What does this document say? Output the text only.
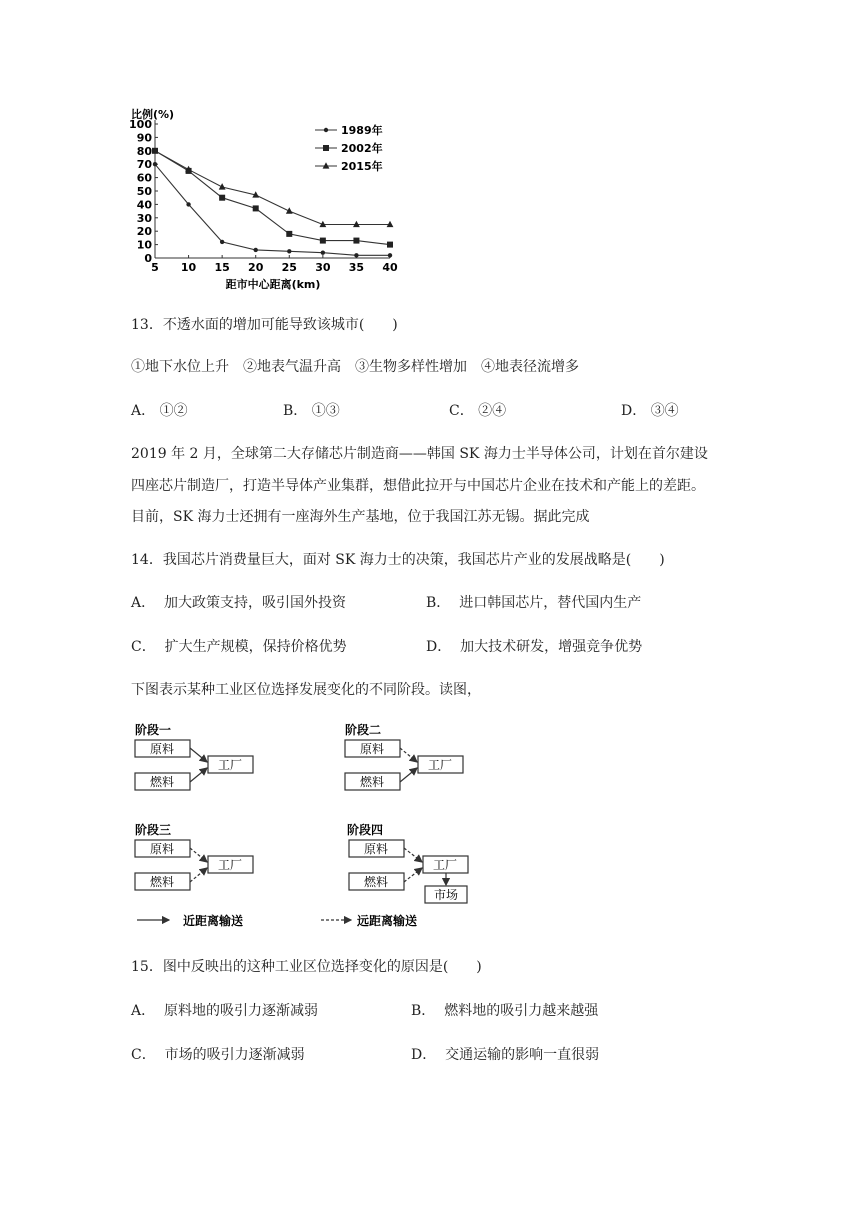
比例(%)
0
10
20
30
40
50
60
70
80
90
100
5 10 15 20 25 30 35 40
1989年
2002年
2015年
距市中心距离(km)
13．不透水面的增加可能导致该城市(　　)
①地下水位上升　②地表气温升高　③生物多样性增加　④地表径流增多
A． ①②	B． ①③	C． ②④	D． ③④
2019 年 2 月，全球第二大存储芯片制造商——韩国 SK 海力士半导体公司，计划在首尔建设
四座芯片制造厂，打造半导体产业集群，想借此拉开与中国芯片企业在技术和产能上的差距。
目前，SK 海力士还拥有一座海外生产基地，位于我国江苏无锡。据此完成
14．我国芯片消费量巨大，面对 SK 海力士的决策，我国芯片产业的发展战略是(　　)
A． 加大政策支持，吸引国外投资	B． 进口韩国芯片，替代国内生产
C． 扩大生产规模，保持价格优势	D． 加大技术研发，增强竞争优势
下图表示某种工业区位选择发展变化的不同阶段。读图，
阶段一
原料
燃料
工厂
阶段二
原料
燃料
工厂
阶段三
原料
燃料
工厂
阶段四
原料
燃料
工厂
市场
近距离输送	远距离输送
15．图中反映出的这种工业区位选择变化的原因是(　　)
A． 原料地的吸引力逐渐减弱	B． 燃料地的吸引力越来越强
C． 市场的吸引力逐渐减弱	D． 交通运输的影响一直很弱
